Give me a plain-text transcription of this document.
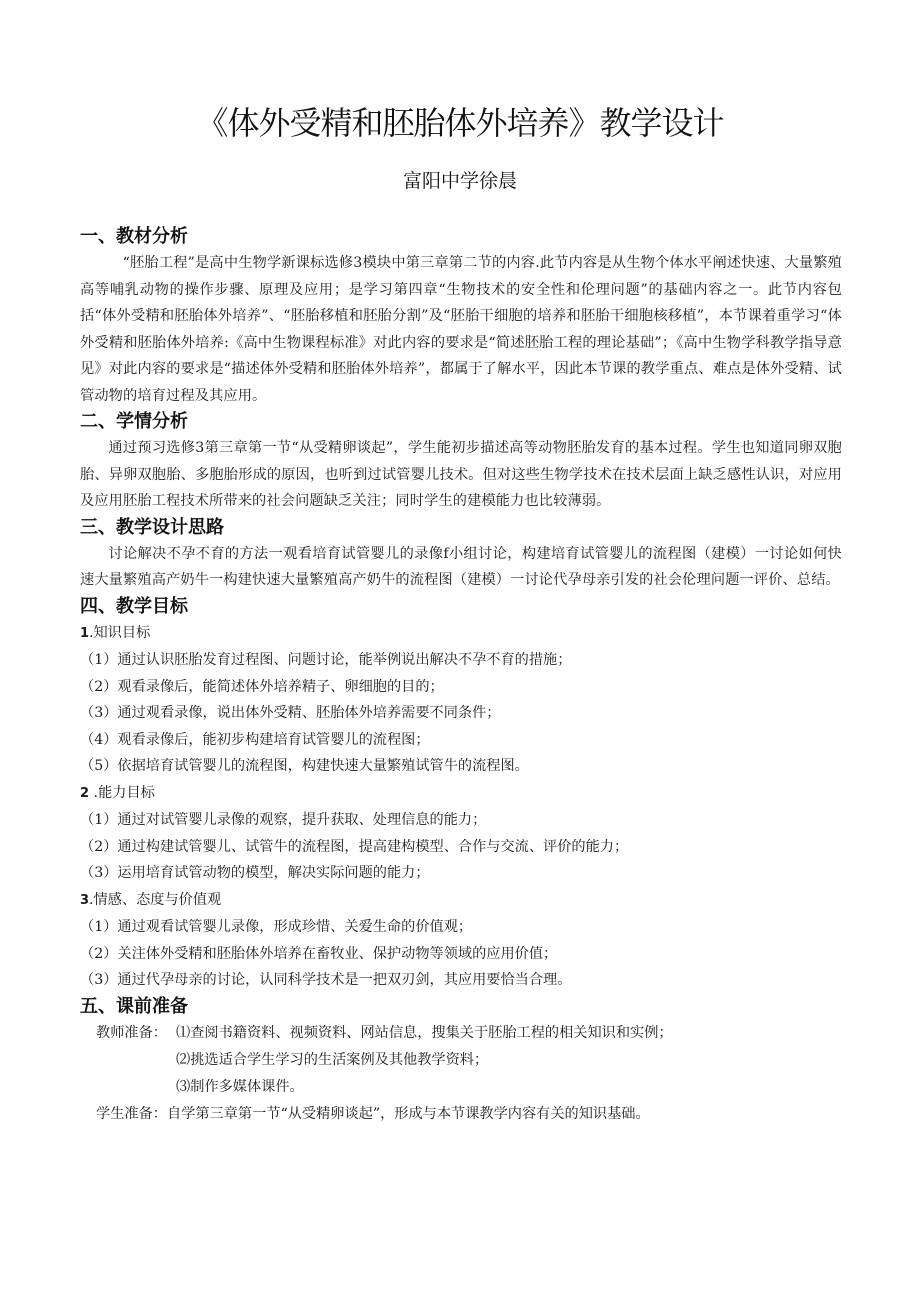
《体外受精和胚胎体外培养》教学设计
富阳中学徐晨
一、教材分析

“胚胎工程”是高中生物学新课标选修3模块中第三章第二节的内容.此节内容是从生物个体水平阐述快速、大量繁殖高等哺乳动物的操作步骤、原理及应用；是学习第四章“生物技术的安全性和伦理问题”的基础内容之一。此节内容包括“体外受精和胚胎体外培养”、“胚胎移植和胚胎分割”及“胚胎干细胞的培养和胚胎干细胞核移植”，本节课着重学习“体外受精和胚胎体外培养:《高中生物课程标准》对此内容的要求是“简述胚胎工程的理论基础”；《高中生物学科教学指导意见》对此内容的要求是“描述体外受精和胚胎体外培养”，都属于了解水平，因此本节课的教学重点、难点是体外受精、试管动物的培育过程及其应用。

二、学情分析

通过预习选修3第三章第一节“从受精卵谈起”，学生能初步描述高等动物胚胎发育的基本过程。学生也知道同卵双胞胎、异卵双胞胎、多胞胎形成的原因，也听到过试管婴儿技术。但对这些生物学技术在技术层面上缺乏感性认识，对应用及应用胚胎工程技术所带来的社会问题缺乏关注；同时学生的建模能力也比较薄弱。

三、教学设计思路

讨论解决不孕不育的方法一观看培育试管婴儿的录像f小组讨论，构建培育试管婴儿的流程图（建模）一讨论如何快速大量繁殖高产奶牛一构建快速大量繁殖高产奶牛的流程图（建模）一讨论代孕母亲引发的社会伦理问题一评价、总结。

四、教学目标

1.知识目标

（1）通过认识胚胎发育过程图、问题讨论，能举例说出解决不孕不育的措施；

（2）观看录像后，能简述体外培养精子、卵细胞的目的；

（3）通过观看录像，说出体外受精、胚胎体外培养需要不同条件；

（4）观看录像后，能初步构建培育试管婴儿的流程图；

（5）依据培育试管婴儿的流程图，构建快速大量繁殖试管牛的流程图。

2 .能力目标

（1）通过对试管婴儿录像的观察，提升获取、处理信息的能力；

（2）通过构建试管婴儿、试管牛的流程图，提高建构模型、合作与交流、评价的能力；

（3）运用培育试管动物的模型，解决实际问题的能力；

3.情感、态度与价值观

（1）通过观看试管婴儿录像，形成珍惜、关爱生命的价值观；

（2）关注体外受精和胚胎体外培养在畜牧业、保护动物等领域的应用价值；

（3）通过代孕母亲的讨论，认同科学技术是一把双刃剑，其应用要恰当合理。

五、课前准备
教师准备： ⑴查阅书籍资料、视频资料、网站信息，搜集关于胚胎工程的相关知识和实例；
⑵挑选适合学生学习的生活案例及其他教学资料；
⑶制作多媒体课件。

学生准备：自学第三章第一节“从受精卵谈起”，形成与本节课教学内容有关的知识基础。
